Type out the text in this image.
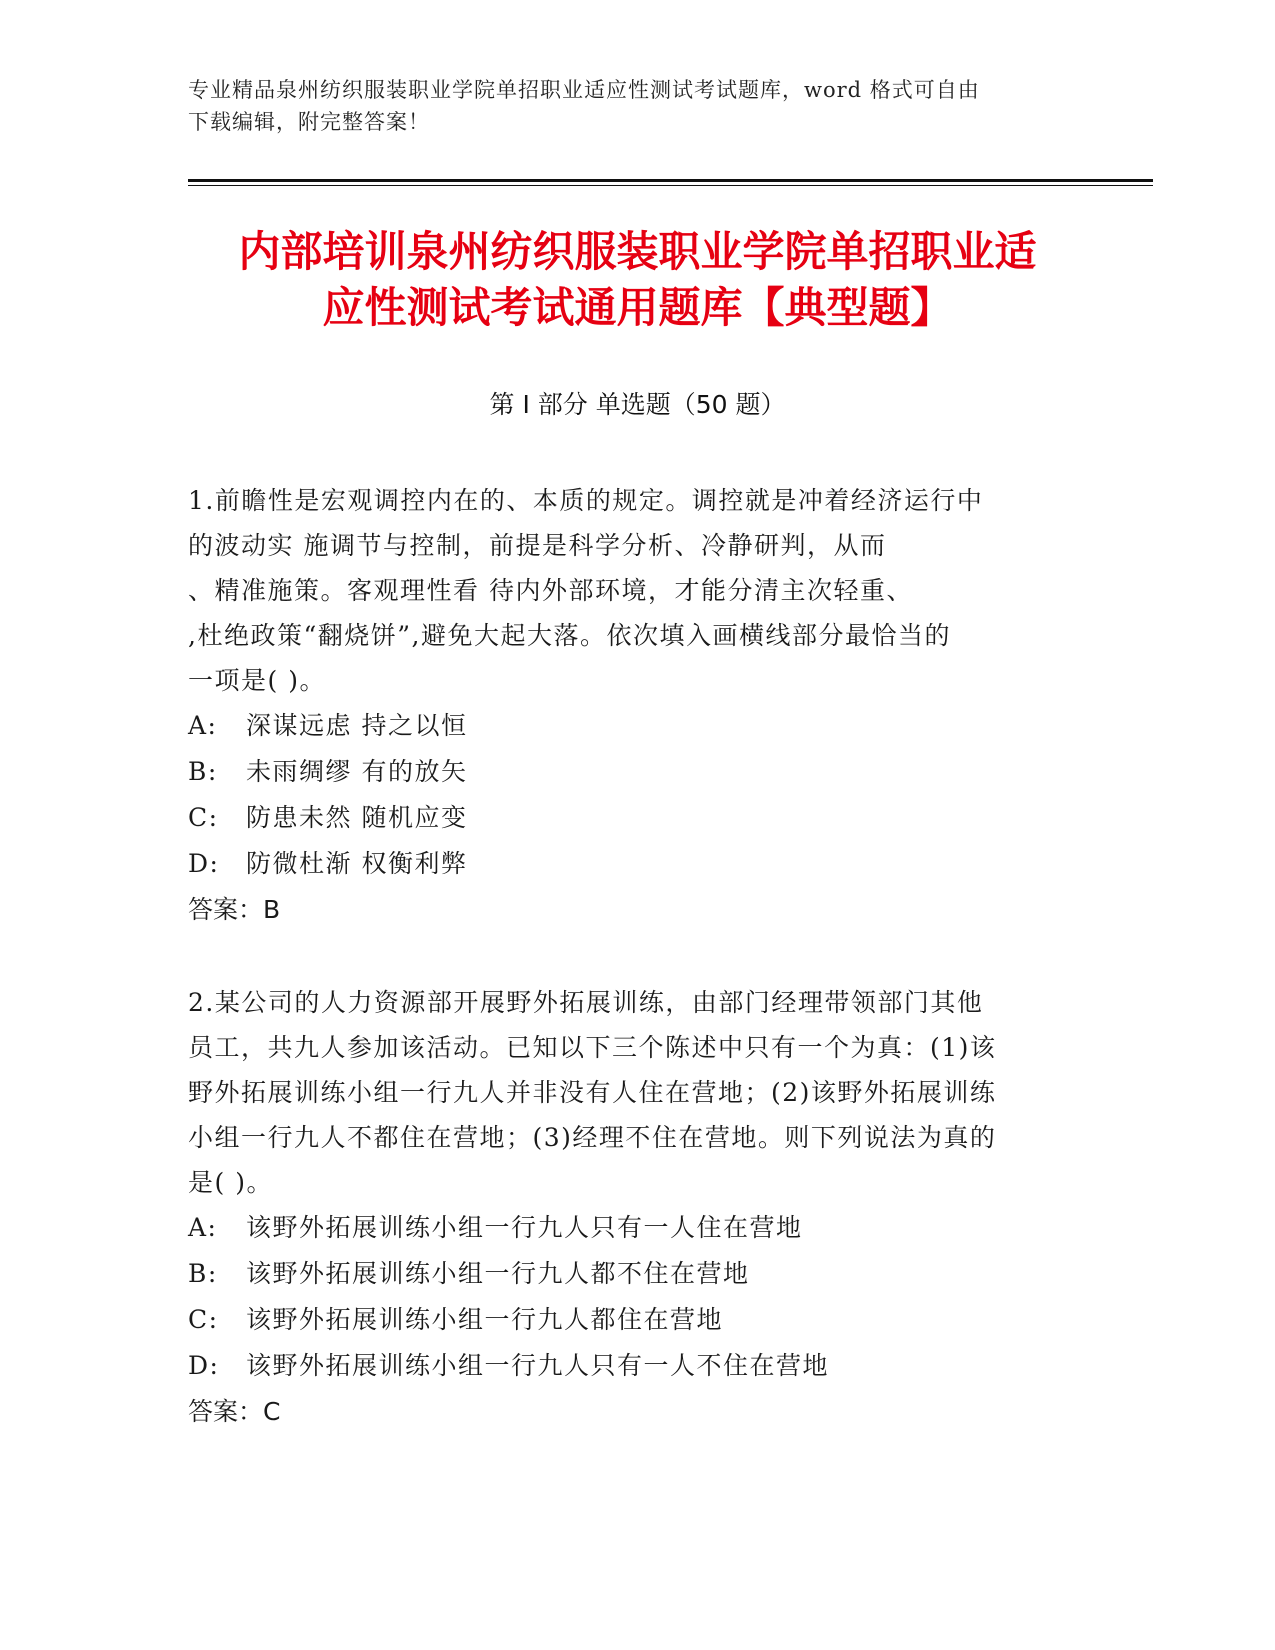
专业精品泉州纺织服装职业学院单招职业适应性测试考试题库，word 格式可自由
下载编辑，附完整答案！
内部培训泉州纺织服装职业学院单招职业适
应性测试考试通用题库【典型题】
第 I 部分 单选题（50 题）
1.前瞻性是宏观调控内在的、本质的规定。调控就是冲着经济运行中
的波动实 施调节与控制，前提是科学分析、冷静研判，从而
、精准施策。客观理性看 待内外部环境，才能分清主次轻重、
,杜绝政策“翻烧饼”,避免大起大落。依次填入画横线部分最恰当的
一项是( )。
A: 深谋远虑 持之以恒
B: 未雨绸缪 有的放矢
C: 防患未然 随机应变
D: 防微杜渐 权衡利弊
答案：B
2.某公司的人力资源部开展野外拓展训练，由部门经理带领部门其他
员工，共九人参加该活动。已知以下三个陈述中只有一个为真：(1)该
野外拓展训练小组一行九人并非没有人住在营地；(2)该野外拓展训练
小组一行九人不都住在营地；(3)经理不住在营地。则下列说法为真的
是( )。
A: 该野外拓展训练小组一行九人只有一人住在营地
B: 该野外拓展训练小组一行九人都不住在营地
C: 该野外拓展训练小组一行九人都住在营地
D: 该野外拓展训练小组一行九人只有一人不住在营地
答案：C
